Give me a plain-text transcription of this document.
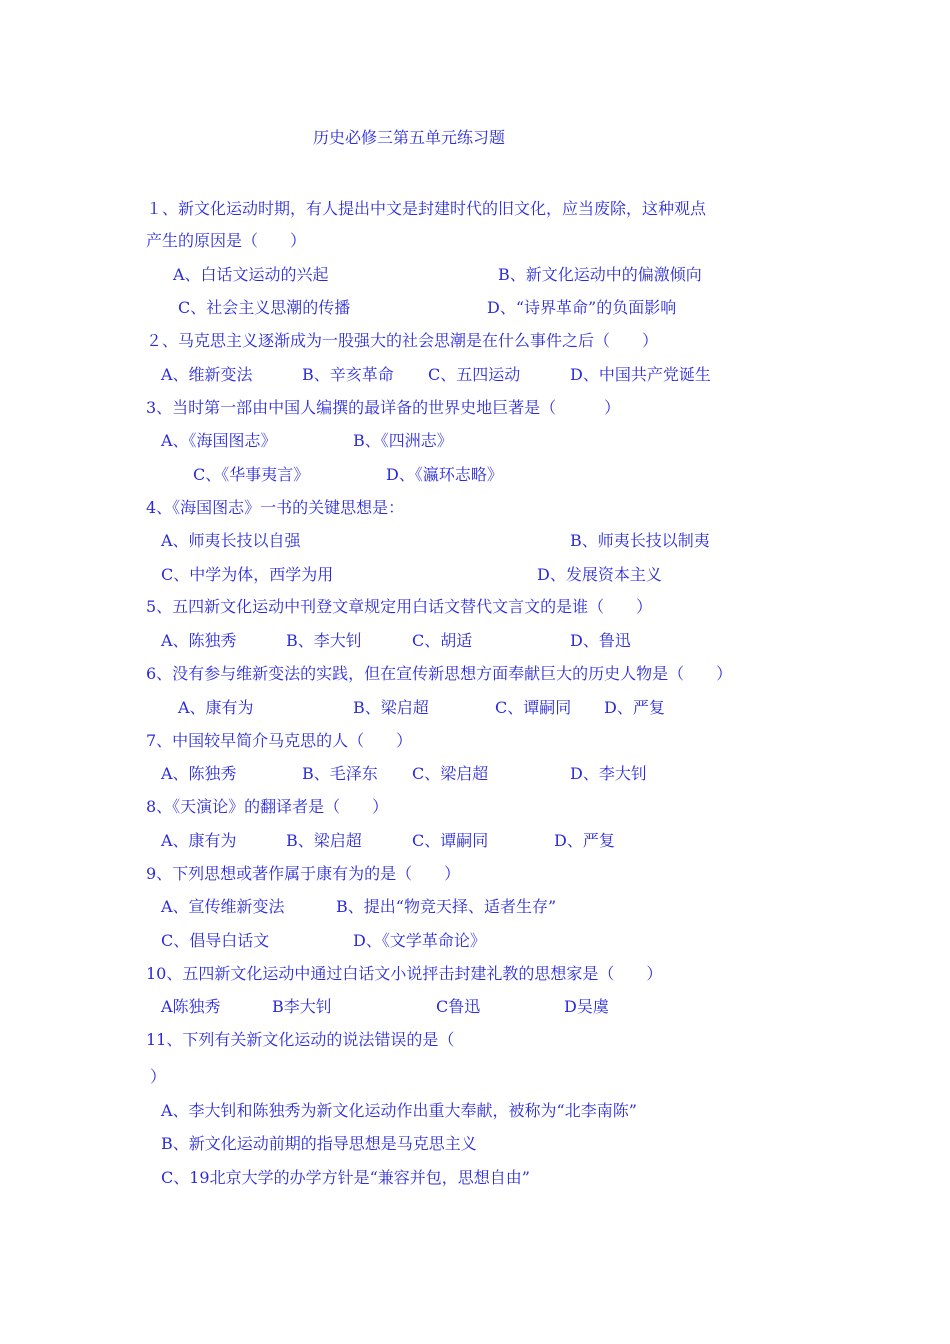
历史必修三第五单元练习题
１、新文化运动时期，有人提出中文是封建时代的旧文化，应当废除，这种观点
产生的原因是（　　）
A、白话文运动的兴起	B、新文化运动中的偏激倾向
C、社会主义思潮的传播	D、“诗界革命”的负面影响
２、马克思主义逐渐成为一股强大的社会思潮是在什么事件之后（　　）
A、维新变法	B、辛亥革命 C、五四运动	D、中国共产党诞生
3、当时第一部由中国人编撰的最详备的世界史地巨著是（　　　）
A、《海国图志》	B、《四洲志》
C、《华事夷言》	D、《瀛环志略》
4、《海国图志》一书的关键思想是：
A、师夷长技以自强	B、师夷长技以制夷
C、中学为体，西学为用	D、发展资本主义
5、五四新文化运动中刊登文章规定用白话文替代文言文的是谁（　　）
A、陈独秀	B、李大钊	C、胡适	D、鲁迅
6、没有参与维新变法的实践，但在宣传新思想方面奉献巨大的历史人物是（　　）
A、康有为	B、梁启超	C、谭嗣同 D、严复
7、中国较早简介马克思的人（　　）
A、陈独秀	B、毛泽东 C、梁启超	D、李大钊
8、《天演论》的翻译者是（　　）
A、康有为	B、梁启超	C、谭嗣同	D、严复
9、下列思想或著作属于康有为的是（　　）
A、宣传维新变法	B、提出“物竞天择、适者生存”
C、倡导白话文	D、《文学革命论》
10、五四新文化运动中通过白话文小说抨击封建礼教的思想家是（　　）
A陈独秀	B李大钊	C鲁迅	D吴虞
11、下列有关新文化运动的说法错误的是（
）
A、李大钊和陈独秀为新文化运动作出重大奉献，被称为“北李南陈”
B、新文化运动前期的指导思想是马克思主义
C、19北京大学的办学方针是“兼容并包，思想自由”
